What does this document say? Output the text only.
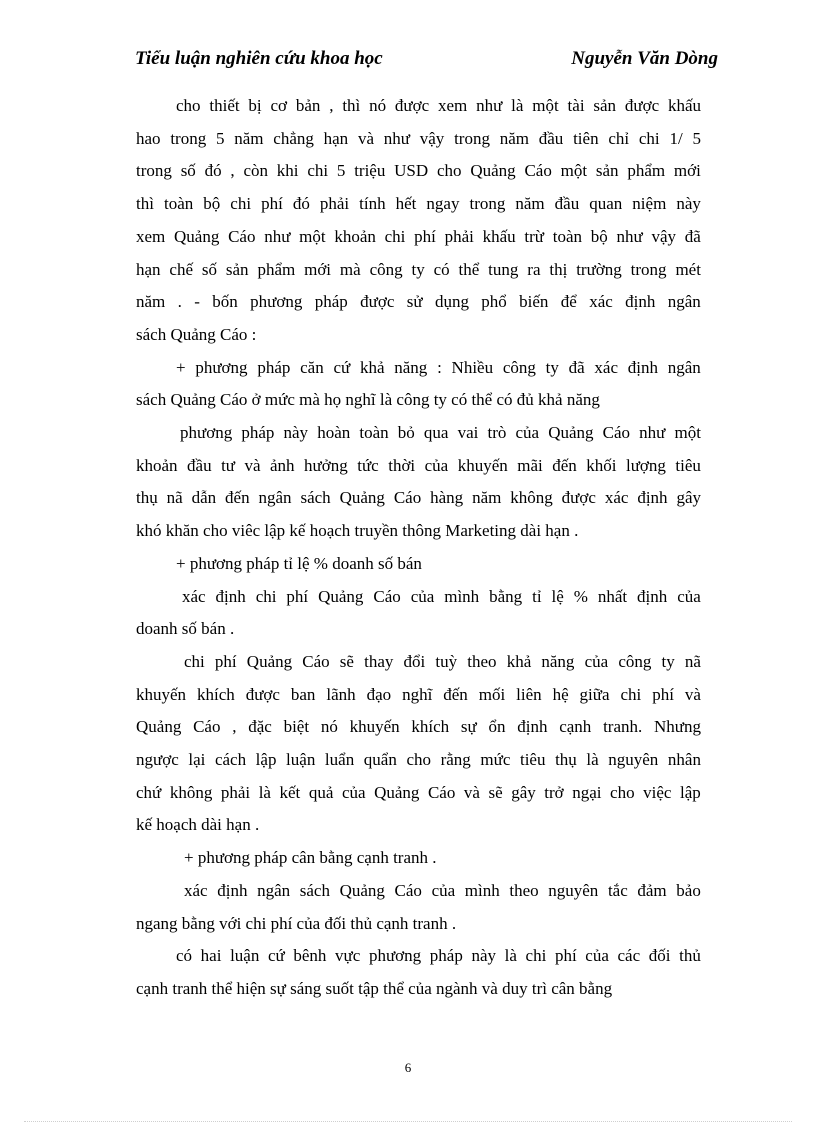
Tiểu luận nghiên cứu khoa học	Nguyễn Văn Dòng
cho thiết bị cơ bản , thì nó được xem như là một tài sản được khấu
hao trong 5 năm chẳng hạn và như vậy trong năm đầu tiên chỉ chi 1/ 5
trong số đó , còn khi chi 5 triệu USD cho Quảng Cáo một sản phẩm mới
thì toàn bộ chi phí đó phải tính hết ngay trong năm đầu quan niệm này
xem Quảng Cáo như một khoản chi phí phải khấu trừ toàn bộ như vậy đã
hạn chế số sản phẩm mới mà công ty có thể tung ra thị trường trong mét
năm . - bốn phương pháp được sử dụng phổ biến để xác định ngân
sách Quảng Cáo :
+ phương pháp căn cứ khả năng : Nhiều công ty đã xác định ngân
sách Quảng Cáo ở mức mà họ nghĩ là công ty có thể có đủ khả năng
phương pháp này hoàn toàn bỏ qua vai trò của Quảng Cáo như một
khoản đầu tư và ảnh hưởng tức thời của khuyến mãi đến khối lượng tiêu
thụ nã dẫn đến ngân sách Quảng Cáo hàng năm không được xác định gây
khó khăn cho viêc lập kế hoạch truyền thông Marketing dài hạn .
+ phương pháp tỉ lệ % doanh số bán
xác định chi phí Quảng Cáo của mình bằng tỉ lệ % nhất định của
doanh số bán .
chi phí Quảng Cáo sẽ thay đổi tuỳ theo khả năng của công ty nã
khuyến khích được ban lãnh đạo nghĩ đến mối liên hệ giữa chi phí và
Quảng Cáo , đặc biệt nó khuyến khích sự ổn định cạnh tranh. Nhưng
ngược lại cách lập luận luẩn quẩn cho rằng mức tiêu thụ là nguyên nhân
chứ không phải là kết quả của Quảng Cáo và sẽ gây trở ngại cho việc lập
kế hoạch dài hạn .
+ phương pháp cân bằng cạnh tranh .
xác định ngân sách Quảng Cáo của mình theo nguyên tắc đảm bảo
ngang bằng với chi phí của đối thủ cạnh tranh .
có hai luận cứ bênh vực phương pháp này là chi phí của các đối thủ
cạnh tranh thể hiện sự sáng suốt tập thể của ngành và duy trì cân bằng
6
